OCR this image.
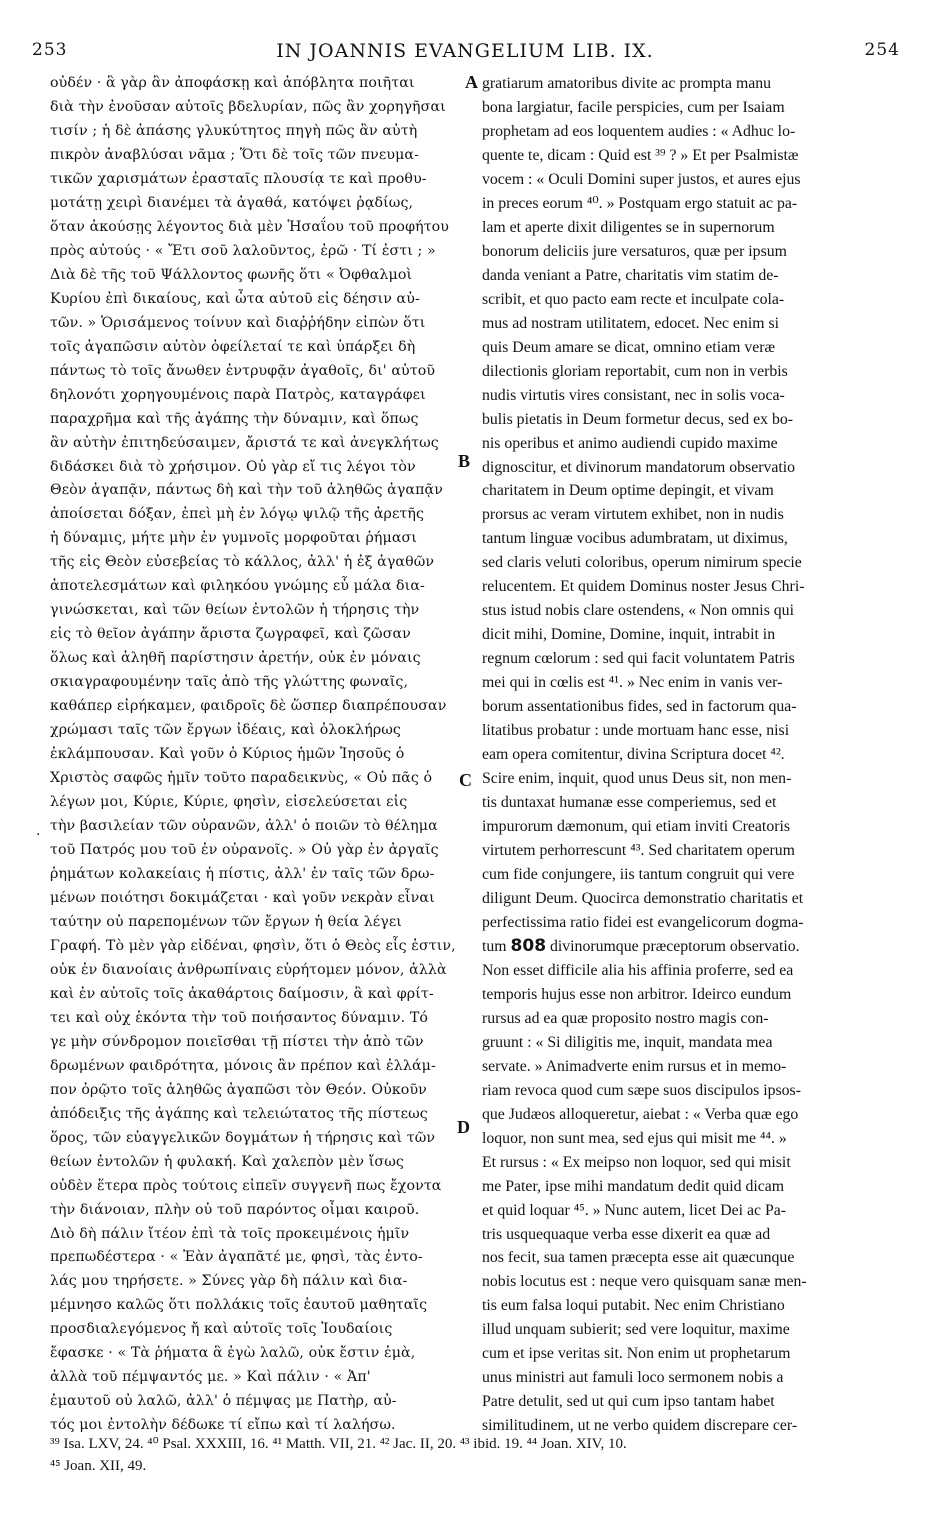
253	IN JOANNIS EVANGELIUM LIB. IX.	254
οὐδέν · ἃ γὰρ ἂν ἀποφάσκῃ καὶ ἀπόβλητα ποιῆται
διὰ τὴν ἐνοῦσαν αὐτοῖς βδελυρίαν, πῶς ἂν χορηγῆσαι
τισίν ; ἡ δὲ ἁπάσης γλυκύτητος πηγὴ πῶς ἂν αὐτὴ
πικρὸν ἀναβλύσαι νᾶμα ; Ὅτι δὲ τοῖς τῶν πνευμα-
τικῶν χαρισμάτων ἐρασταῖς πλουσίᾳ τε καὶ προθυ-
μοτάτῃ χειρὶ διανέμει τὰ ἀγαθά, κατόψει ῥᾳδίως,
ὅταν ἀκούσῃς λέγοντος διὰ μὲν Ἡσαΐου τοῦ προφήτου
πρὸς αὐτούς · « Ἔτι σοῦ λαλοῦντος, ἐρῶ · Τί ἐστι ; »
Διὰ δὲ τῆς τοῦ Ψάλλοντος φωνῆς ὅτι « Ὀφθαλμοὶ
Κυρίου ἐπὶ δικαίους, καὶ ὦτα αὐτοῦ εἰς δέησιν αὐ-
τῶν. » Ὁρισάμενος τοίνυν καὶ διαῤῥήδην εἰπὼν ὅτι
τοῖς ἀγαπῶσιν αὐτὸν ὀφείλεταί τε καὶ ὑπάρξει δὴ
πάντως τὸ τοῖς ἄνωθεν ἐντρυφᾷν ἀγαθοῖς, δι' αὐτοῦ
δηλονότι χορηγουμένοις παρὰ Πατρὸς, καταγράφει
παραχρῆμα καὶ τῆς ἀγάπης τὴν δύναμιν, καὶ ὅπως
ἂν αὐτὴν ἐπιτηδεύσαιμεν, ἄριστά τε καὶ ἀνεγκλήτως
διδάσκει διὰ τὸ χρήσιμον. Οὐ γὰρ εἴ τις λέγοι τὸν
Θεὸν ἀγαπᾷν, πάντως δὴ καὶ τὴν τοῦ ἀληθῶς ἀγαπᾷν
ἀποίσεται δόξαν, ἐπεὶ μὴ ἐν λόγῳ ψιλῷ τῆς ἀρετῆς
ἡ δύναμις, μήτε μὴν ἐν γυμνοῖς μορφοῦται ῥήμασι
τῆς εἰς Θεὸν εὐσεβείας τὸ κάλλος, ἀλλ' ἡ ἐξ ἀγαθῶν
ἀποτελεσμάτων καὶ φιληκόου γνώμης εὖ μάλα δια-
γινώσκεται, καὶ τῶν θείων ἐντολῶν ἡ τήρησις τὴν
εἰς τὸ θεῖον ἀγάπην ἄριστα ζωγραφεῖ, καὶ ζῶσαν
ὅλως καὶ ἀληθῆ παρίστησιν ἀρετήν, οὐκ ἐν μόναις
σκιαγραφουμένην ταῖς ἀπὸ τῆς γλώττης φωναῖς,
καθάπερ εἰρήκαμεν, φαιδροῖς δὲ ὥσπερ διαπρέπουσαν
χρώμασι ταῖς τῶν ἔργων ἰδέαις, καὶ ὁλοκλήρως
ἐκλάμπουσαν. Καὶ γοῦν ὁ Κύριος ἡμῶν Ἰησοῦς ὁ
Χριστὸς σαφῶς ἡμῖν τοῦτο παραδεικνὺς, « Οὐ πᾶς ὁ
λέγων μοι, Κύριε, Κύριε, φησὶν, εἰσελεύσεται εἰς
τὴν βασιλείαν τῶν οὐρανῶν, ἀλλ' ὁ ποιῶν τὸ θέλημα
τοῦ Πατρός μου τοῦ ἐν οὐρανοῖς. » Οὐ γὰρ ἐν ἀργαῖς
ῥημάτων κολακείαις ἡ πίστις, ἀλλ' ἐν ταῖς τῶν δρω-
μένων ποιότησι δοκιμάζεται · καὶ γοῦν νεκρὰν εἶναι
ταύτην οὐ παρεπομένων τῶν ἔργων ἡ θεία λέγει
Γραφή. Τὸ μὲν γὰρ εἰδέναι, φησὶν, ὅτι ὁ Θεὸς εἷς ἐστιν,
οὐκ ἐν διανοίαις ἀνθρωπίναις εὑρήτομεν μόνον, ἀλλὰ
καὶ ἐν αὐτοῖς τοῖς ἀκαθάρτοις δαίμοσιν, ἃ καὶ φρίτ-
τει καὶ οὐχ ἑκόντα τὴν τοῦ ποιήσαντος δύναμιν. Τό
γε μὴν σύνδρομον ποιεῖσθαι τῇ πίστει τὴν ἀπὸ τῶν
δρωμένων φαιδρότητα, μόνοις ἂν πρέπον καὶ ἐλλάμ-
πον ὀρῷτο τοῖς ἀληθῶς ἀγαπῶσι τὸν Θεόν. Οὐκοῦν
ἀπόδειξις τῆς ἀγάπης καὶ τελειώτατος τῆς πίστεως
ὅρος, τῶν εὐαγγελικῶν δογμάτων ἡ τήρησις καὶ τῶν
θείων ἐντολῶν ἡ φυλακή. Καὶ χαλεπὸν μὲν ἴσως
οὐδὲν ἕτερα πρὸς τούτοις εἰπεῖν συγγενῆ πως ἔχοντα
τὴν διάνοιαν, πλὴν οὐ τοῦ παρόντος οἶμαι καιροῦ.
Διὸ δὴ πάλιν ἴτέον ἐπὶ τὰ τοῖς προκειμένοις ἡμῖν
πρεπωδέστερα · « Ἐὰν ἀγαπᾶτέ με, φησὶ, τὰς ἐντο-
λάς μου τηρήσετε. » Σύνες γὰρ δὴ πάλιν καὶ δια-
μέμνησο καλῶς ὅτι πολλάκις τοῖς ἑαυτοῦ μαθηταῖς
προσδιαλεγόμενος ἤ καὶ αὐτοῖς τοῖς Ἰουδαίοις
ἔφασκε · « Τὰ ῥήματα ἃ ἐγὼ λαλῶ, οὐκ ἔστιν ἐμὰ,
ἀλλὰ τοῦ πέμψαντός με. » Καὶ πάλιν · « Ἀπ'
ἐμαυτοῦ οὐ λαλῶ, ἀλλ' ὁ πέμψας με Πατὴρ, αὐ-
τός μοι ἐντολὴν δέδωκε τί εἴπω καὶ τί λαλήσω.
gratiarum amatoribus divite ac prompta manu
bona largiatur, facile perspicies, cum per Isaiam
prophetam ad eos loquentem audies : « Adhuc lo-
quente te, dicam : Quid est ³⁹ ? » Et per Psalmistæ
vocem : « Oculi Domini super justos, et aures ejus
in preces eorum ⁴⁰. » Postquam ergo statuit ac pa-
lam et aperte dixit diligentes se in supernorum
bonorum deliciis jure versaturos, quæ per ipsum
danda veniant a Patre, charitatis vim statim de-
scribit, et quo pacto eam recte et inculpate cola-
mus ad nostram utilitatem, edocet. Nec enim si
quis Deum amare se dicat, omnino etiam veræ
dilectionis gloriam reportabit, cum non in verbis
nudis virtutis vires consistant, nec in solis voca-
bulis pietatis in Deum formetur decus, sed ex bo-
nis operibus et animo audiendi cupido maxime
dignoscitur, et divinorum mandatorum observatio
charitatem in Deum optime depingit, et vivam
prorsus ac veram virtutem exhibet, non in nudis
tantum linguæ vocibus adumbratam, ut diximus,
sed claris veluti coloribus, operum nimirum specie
relucentem. Et quidem Dominus noster Jesus Chri-
stus istud nobis clare ostendens, « Non omnis qui
dicit mihi, Domine, Domine, inquit, intrabit in
regnum cœlorum : sed qui facit voluntatem Patris
mei qui in cœlis est ⁴¹. » Nec enim in vanis ver-
borum assentationibus fides, sed in factorum qua-
litatibus probatur : unde mortuam hanc esse, nisi
eam opera comitentur, divina Scriptura docet ⁴².
Scire enim, inquit, quod unus Deus sit, non men-
tis duntaxat humanæ esse comperiemus, sed et
impurorum dæmonum, qui etiam inviti Creatoris
virtutem perhorrescunt ⁴³. Sed charitatem operum
cum fide conjungere, iis tantum congruit qui vere
diligunt Deum. Quocirca demonstratio charitatis et
perfectissima ratio fidei est evangelicorum dogma-
tum 808 divinorumque præceptorum observatio.
Non esset difficile alia his affinia proferre, sed ea
temporis hujus esse non arbitror. Ideirco eundum
rursus ad ea quæ proposito nostro magis con-
gruunt : « Si diligitis me, inquit, mandata mea
servate. » Animadverte enim rursus et in memo-
riam revoca quod cum sæpe suos discipulos ipsos-
que Judæos alloqueretur, aiebat : « Verba quæ ego
loquor, non sunt mea, sed ejus qui misit me ⁴⁴. »
Et rursus : « Ex meipso non loquor, sed qui misit
me Pater, ipse mihi mandatum dedit quid dicam
et quid loquar ⁴⁵. » Nunc autem, licet Dei ac Pa-
tris usquequaque verba esse dixerit ea quæ ad
nos fecit, sua tamen præcepta esse ait quæcunque
nobis locutus est : neque vero quisquam sanæ men-
tis eum falsa loqui putabit. Nec enim Christiano
illud unquam subierit; sed vere loquitur, maxime
cum et ipse veritas sit. Non enim ut prophetarum
unus ministri aut famuli loco sermonem nobis a
Patre detulit, sed ut qui cum ipso tantam habet
similitudinem, ut ne verbo quidem discrepare cer-
A
B
C
D
.
³⁹ Isa. LXV, 24. ⁴⁰ Psal. XXXIII, 16. ⁴¹ Matth. VII, 21. ⁴² Jac. II, 20. ⁴³ ibid. 19. ⁴⁴ Joan. XIV, 10.
⁴⁵ Joan. XII, 49.
